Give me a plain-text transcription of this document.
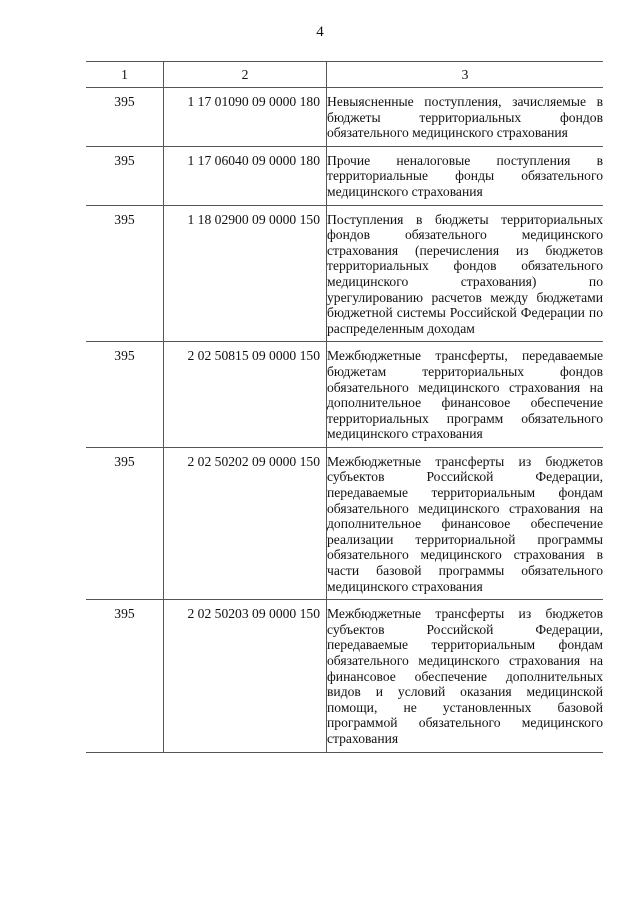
4
1	2	3
395	1 17 01090 09 0000 180	Невыясненные поступления, зачисляемые в бюджеты территориальных фондов обязательного медицинского страхования
395	1 17 06040 09 0000 180	Прочие неналоговые поступления в территориальные фонды обязательного медицинского страхования
395	1 18 02900 09 0000 150	Поступления в бюджеты территориальных фондов обязательного медицинского страхования (перечисления из бюджетов территориальных фондов обязательного медицинского страхования) по урегулированию расчетов между бюджетами бюджетной системы Российской Федерации по распределенным доходам
395	2 02 50815 09 0000 150	Межбюджетные трансферты, передаваемые бюджетам территориальных фондов обязательного медицинского страхования на дополнительное финансовое обеспечение территориальных программ обязательного медицинского страхования
395	2 02 50202 09 0000 150	Межбюджетные трансферты из бюджетов субъектов Российской Федерации, передаваемые территориальным фондам обязательного медицинского страхования на дополнительное финансовое обеспечение реализации территориальной программы обязательного медицинского страхования в части базовой программы обязательного медицинского страхования
395	2 02 50203 09 0000 150	Межбюджетные трансферты из бюджетов субъектов Российской Федерации, передаваемые территориальным фондам обязательного медицинского страхования на финансовое обеспечение дополнительных видов и условий оказания медицинской помощи, не установленных базовой программой обязательного медицинского страхования
